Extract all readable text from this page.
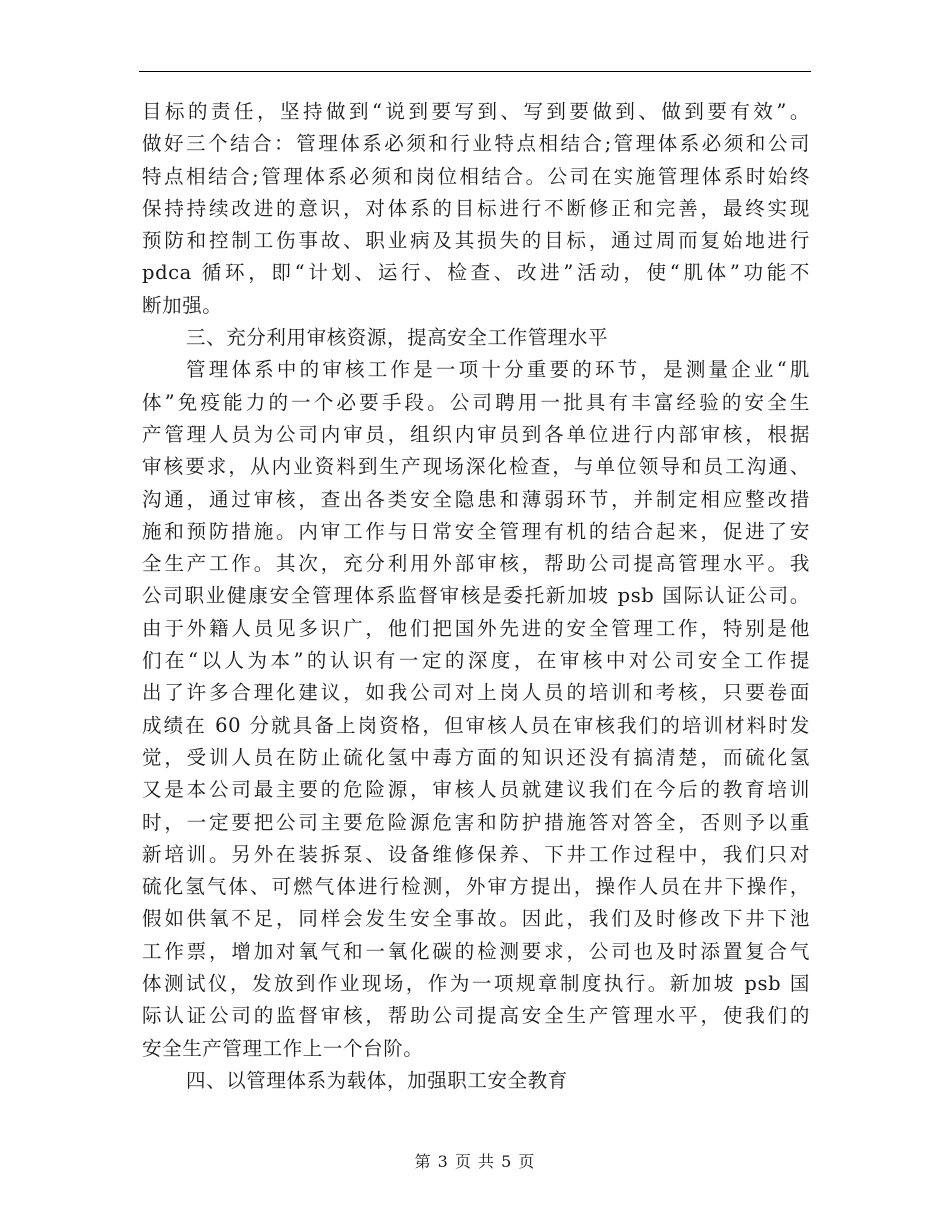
目标的责任，坚持做到“说到要写到、写到要做到、做到要有效”。
做好三个结合：管理体系必须和行业特点相结合;管理体系必须和公司
特点相结合;管理体系必须和岗位相结合。公司在实施管理体系时始终
保持持续改进的意识，对体系的目标进行不断修正和完善，最终实现
预防和控制工伤事故、职业病及其损失的目标，通过周而复始地进行
pdca 循环，即“计划、运行、检查、改进”活动，使“肌体”功能不
断加强。
三、充分利用审核资源，提高安全工作管理水平
管理体系中的审核工作是一项十分重要的环节，是测量企业“肌
体”免疫能力的一个必要手段。公司聘用一批具有丰富经验的安全生
产管理人员为公司内审员，组织内审员到各单位进行内部审核，根据
审核要求，从内业资料到生产现场深化检查，与单位领导和员工沟通、
沟通，通过审核，查出各类安全隐患和薄弱环节，并制定相应整改措
施和预防措施。内审工作与日常安全管理有机的结合起来，促进了安
全生产工作。其次，充分利用外部审核，帮助公司提高管理水平。我
公司职业健康安全管理体系监督审核是委托新加坡 psb 国际认证公司。
由于外籍人员见多识广，他们把国外先进的安全管理工作，特别是他
们在“以人为本”的认识有一定的深度，在审核中对公司安全工作提
出了许多合理化建议，如我公司对上岗人员的培训和考核，只要卷面
成绩在 60 分就具备上岗资格，但审核人员在审核我们的培训材料时发
觉，受训人员在防止硫化氢中毒方面的知识还没有搞清楚，而硫化氢
又是本公司最主要的危险源，审核人员就建议我们在今后的教育培训
时，一定要把公司主要危险源危害和防护措施答对答全，否则予以重
新培训。另外在装拆泵、设备维修保养、下井工作过程中，我们只对
硫化氢气体、可燃气体进行检测，外审方提出，操作人员在井下操作，
假如供氧不足，同样会发生安全事故。因此，我们及时修改下井下池
工作票，增加对氧气和一氧化碳的检测要求，公司也及时添置复合气
体测试仪，发放到作业现场，作为一项规章制度执行。新加坡 psb 国
际认证公司的监督审核，帮助公司提高安全生产管理水平，使我们的
安全生产管理工作上一个台阶。
四、以管理体系为载体，加强职工安全教育
第 3 页 共 5 页
